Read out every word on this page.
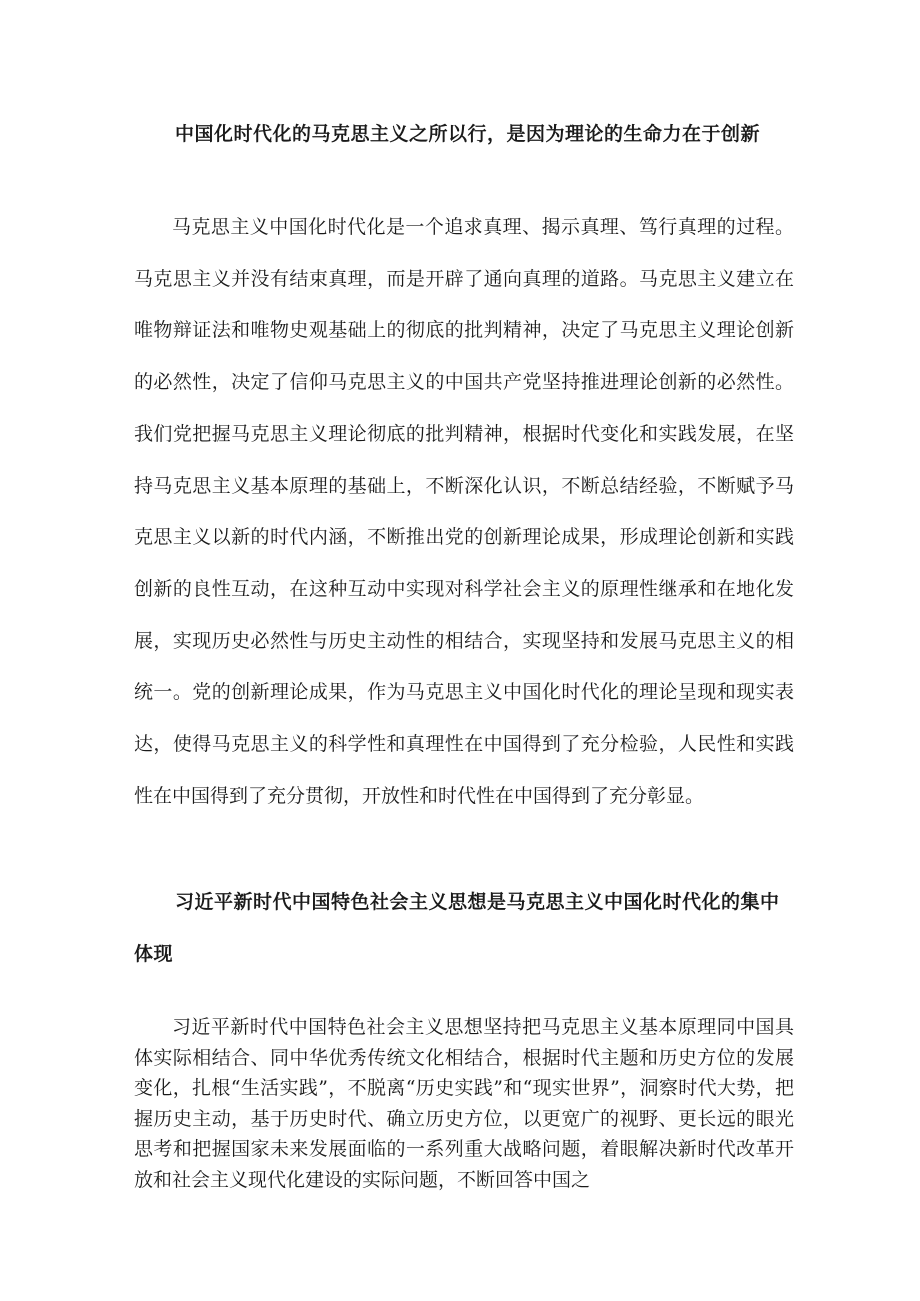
中国化时代化的马克思主义之所以行，是因为理论的生命力在于创新

马克思主义中国化时代化是一个追求真理、揭示真理、笃行真理的过程。马克思主义并没有结束真理，而是开辟了通向真理的道路。马克思主义建立在唯物辩证法和唯物史观基础上的彻底的批判精神，决定了马克思主义理论创新的必然性，决定了信仰马克思主义的中国共产党坚持推进理论创新的必然性。我们党把握马克思主义理论彻底的批判精神，根据时代变化和实践发展，在坚持马克思主义基本原理的基础上，不断深化认识，不断总结经验，不断赋予马克思主义以新的时代内涵，不断推出党的创新理论成果，形成理论创新和实践创新的良性互动，在这种互动中实现对科学社会主义的原理性继承和在地化发展，实现历史必然性与历史主动性的相结合，实现坚持和发展马克思主义的相统一。党的创新理论成果，作为马克思主义中国化时代化的理论呈现和现实表达，使得马克思主义的科学性和真理性在中国得到了充分检验，人民性和实践性在中国得到了充分贯彻，开放性和时代性在中国得到了充分彰显。

习近平新时代中国特色社会主义思想是马克思主义中国化时代化的集中体现

习近平新时代中国特色社会主义思想坚持把马克思主义基本原理同中国具体实际相结合、同中华优秀传统文化相结合，根据时代主题和历史方位的发展变化，扎根“生活实践”，不脱离“历史实践”和“现实世界”，洞察时代大势，把握历史主动，基于历史时代、确立历史方位，以更宽广的视野、更长远的眼光思考和把握国家未来发展面临的一系列重大战略问题，着眼解决新时代改革开放和社会主义现代化建设的实际问题，不断回答中国之
